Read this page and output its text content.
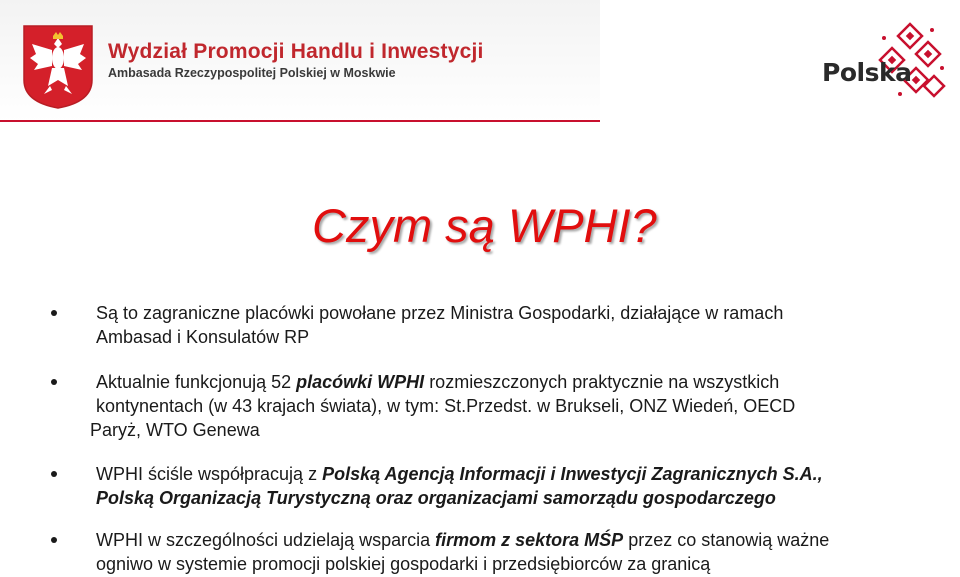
Wydział Promocji Handlu i Inwestycji
Ambasada Rzeczypospolitej Polskiej w Moskwie	Polska
Czym są WPHI?
Są to zagraniczne placówki powołane przez Ministra Gospodarki, działające w ramach
Ambasad i Konsulatów RP
Aktualnie funkcjonują 52 placówki WPHI rozmieszczonych praktycznie na wszystkich
kontynentach (w 43 krajach świata), w tym: St.Przedst. w Brukseli, ONZ Wiedeń, OECD
Paryż, WTO Genewa
WPHI ściśle współpracują z Polską Agencją Informacji i Inwestycji Zagranicznych S.A.,
Polską Organizacją Turystyczną oraz organizacjami samorządu gospodarczego
WPHI w szczególności udzielają wsparcia firmom z sektora MŚP przez co stanowią ważne
ogniwo w systemie promocji polskiej gospodarki i przedsiębiorców za granicą
